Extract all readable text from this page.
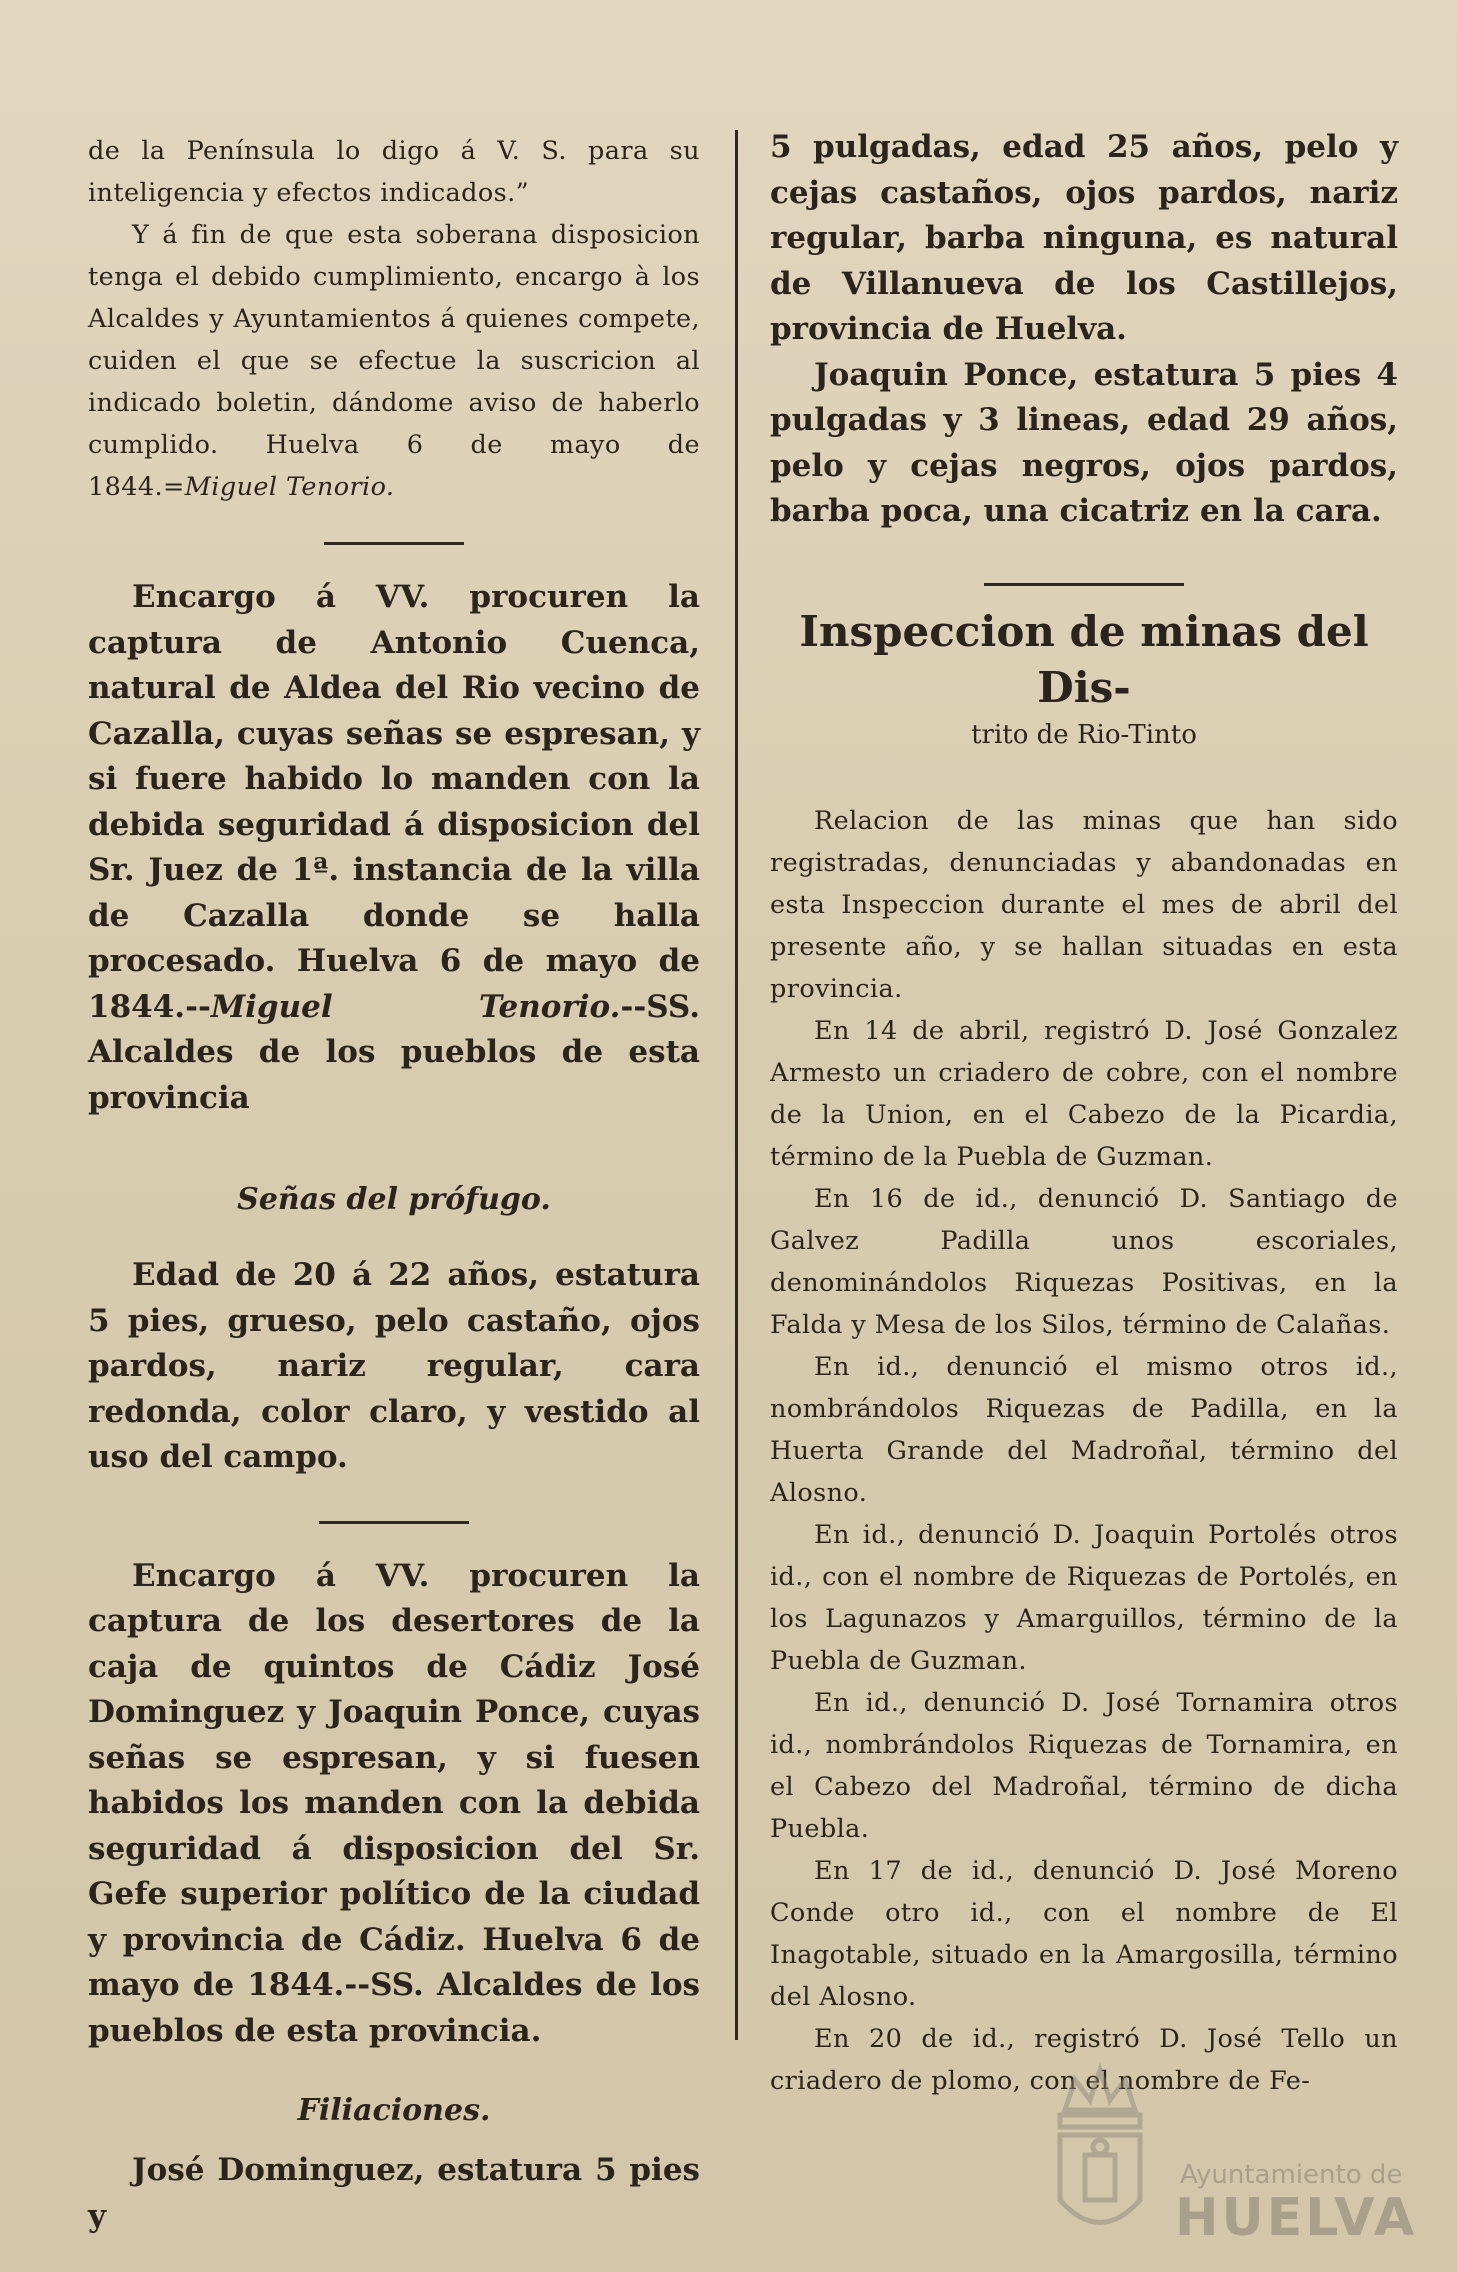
de la Península lo digo á V. S. para su inteligencia y efectos indicados.”

Y á fin de que esta soberana disposicion tenga el debido cumplimiento, encargo à los Alcaldes y Ayuntamientos á quienes compete, cuiden el que se efectue la suscricion al indicado boletin, dándome aviso de haberlo cumplido. Huelva 6 de mayo de 1844.=Miguel Tenorio.

Encargo á VV. procuren la captura de Antonio Cuenca, natural de Aldea del Rio vecino de Cazalla, cuyas señas se espresan, y si fuere habido lo manden con la debida seguridad á disposicion del Sr. Juez de 1ª. instancia de la villa de Cazalla donde se halla procesado. Huelva 6 de mayo de 1844.--Miguel Tenorio.--SS. Alcaldes de los pueblos de esta provincia

Señas del prófugo.

Edad de 20 á 22 años, estatura 5 pies, grueso, pelo castaño, ojos pardos, nariz regular, cara redonda, color claro, y vestido al uso del campo.

Encargo á VV. procuren la captura de los desertores de la caja de quintos de Cádiz José Dominguez y Joaquin Ponce, cuyas señas se espresan, y si fuesen habidos los manden con la debida seguridad á disposicion del Sr. Gefe superior político de la ciudad y provincia de Cádiz. Huelva 6 de mayo de 1844.--SS. Alcaldes de los pueblos de esta provincia.

Filiaciones.

José Dominguez, estatura 5 pies y

5 pulgadas, edad 25 años, pelo y cejas castaños, ojos pardos, nariz regular, barba ninguna, es natural de Villanueva de los Castillejos, provincia de Huelva.

Joaquin Ponce, estatura 5 pies 4 pulgadas y 3 lineas, edad 29 años, pelo y cejas negros, ojos pardos, barba poca, una cicatriz en la cara.

Inspeccion de minas del Dis-
trito de Rio-Tinto

Relacion de las minas que han sido registradas, denunciadas y abandonadas en esta Inspeccion durante el mes de abril del presente año, y se hallan situadas en esta provincia.

En 14 de abril, registró D. José Gonzalez Armesto un criadero de cobre, con el nombre de la Union, en el Cabezo de la Picardia, término de la Puebla de Guzman.

En 16 de id., denunció D. Santiago de Galvez Padilla unos escoriales, denominándolos Riquezas Positivas, en la Falda y Mesa de los Silos, término de Calañas.

En id., denunció el mismo otros id., nombrándolos Riquezas de Padilla, en la Huerta Grande del Madroñal, término del Alosno.

En id., denunció D. Joaquin Portolés otros id., con el nombre de Riquezas de Portolés, en los Lagunazos y Amarguillos, término de la Puebla de Guzman.

En id., denunció D. José Tornamira otros id., nombrándolos Riquezas de Tornamira, en el Cabezo del Madroñal, término de dicha Puebla.

En 17 de id., denunció D. José Moreno Conde otro id., con el nombre de El Inagotable, situado en la Amargosilla, término del Alosno.

En 20 de id., registró D. José Tello un criadero de plomo, con el nombre de Fe-

Ayuntamiento de
HUELVA
